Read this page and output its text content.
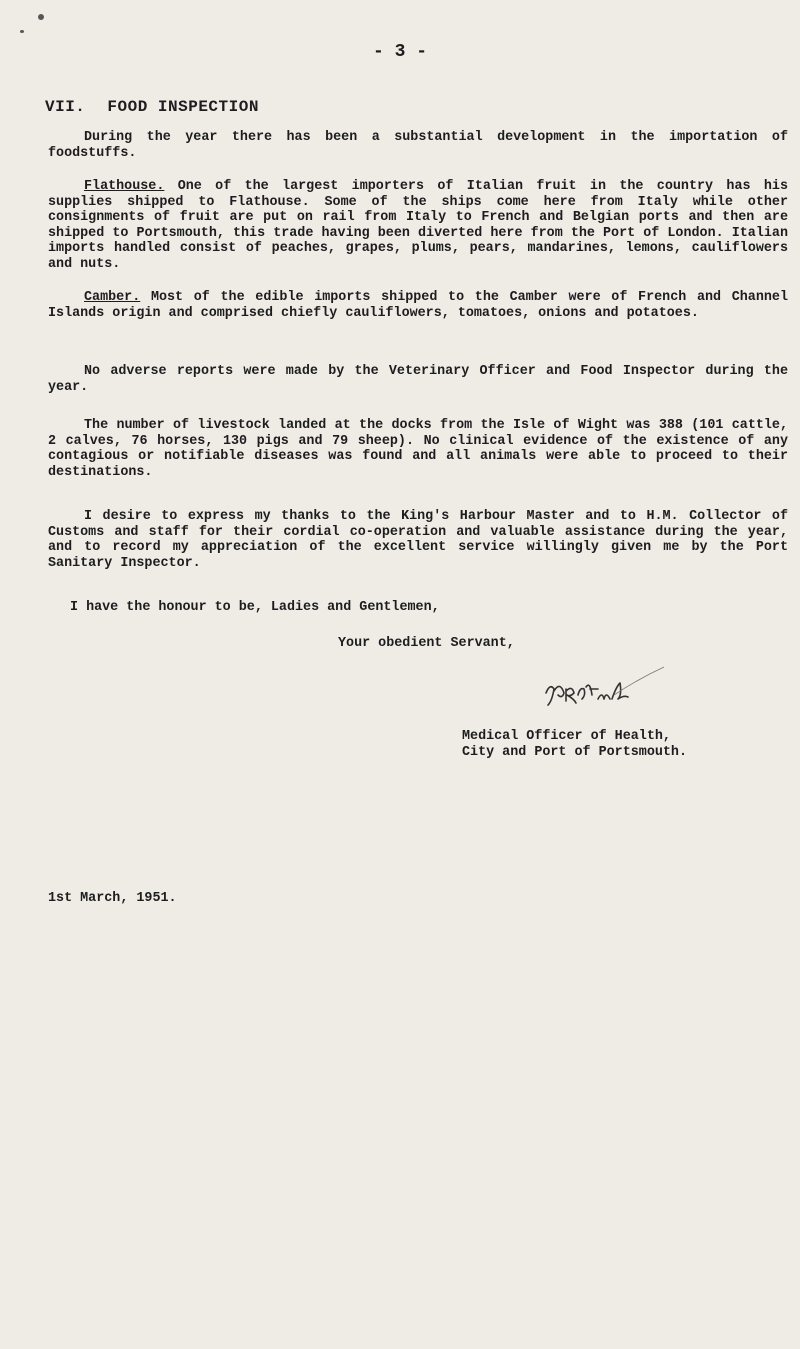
- 3 -
VII. FOOD INSPECTION

During the year there has been a substantial development in the importation of foodstuffs.

Flathouse. One of the largest importers of Italian fruit in the country has his supplies shipped to Flathouse. Some of the ships come here from Italy while other consignments of fruit are put on rail from Italy to French and Belgian ports and then are shipped to Portsmouth, this trade having been diverted here from the Port of London. Italian imports handled consist of peaches, grapes, plums, pears, mandarines, lemons, cauliflowers and nuts.

Camber. Most of the edible imports shipped to the Camber were of French and Channel Islands origin and comprised chiefly cauliflowers, tomatoes, onions and potatoes.

No adverse reports were made by the Veterinary Officer and Food Inspector during the year.

The number of livestock landed at the docks from the Isle of Wight was 388 (101 cattle, 2 calves, 76 horses, 130 pigs and 79 sheep). No clinical evidence of the existence of any contagious or notifiable diseases was found and all animals were able to proceed to their destinations.

I desire to express my thanks to the King's Harbour Master and to H.M. Collector of Customs and staff for their cordial co-operation and valuable assistance during the year, and to record my appreciation of the excellent service willingly given me by the Port Sanitary Inspector.

I have the honour to be, Ladies and Gentlemen,
Your obedient Servant,
Medical Officer of Health,
City and Port of Portsmouth.
1st March, 1951.
